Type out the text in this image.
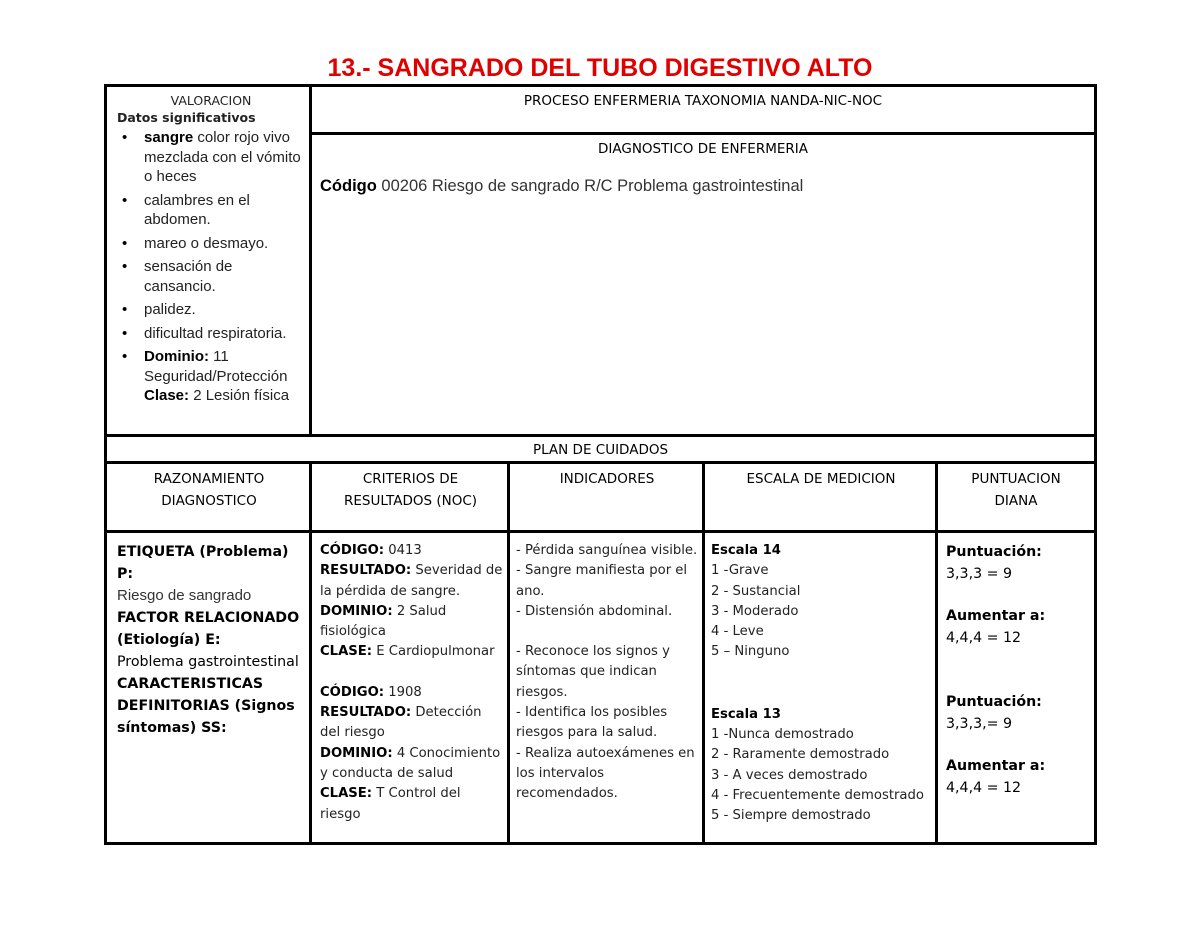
13.- SANGRADO DEL TUBO DIGESTIVO ALTO
VALORACION
Datos significativos
• sangre color rojo vivo mezclada con el vómito o heces
• calambres en el abdomen.
• mareo o desmayo.
• sensación de cansancio.
• palidez.
• dificultad respiratoria.
• Dominio: 11 Seguridad/Protección
Clase: 2 Lesión física
PROCESO ENFERMERIA TAXONOMIA NANDA-NIC-NOC
DIAGNOSTICO DE ENFERMERIA
Código 00206 Riesgo de sangrado R/C Problema gastrointestinal
PLAN DE CUIDADOS
RAZONAMIENTO DIAGNOSTICO
CRITERIOS DE RESULTADOS (NOC)
INDICADORES	ESCALA DE MEDICION	PUNTUACION DIANA
ETIQUETA (Problema) P:
Riesgo de sangrado
FACTOR RELACIONADO (Etiología) E:
Problema gastrointestinal
CARACTERISTICAS DEFINITORIAS (Signos síntomas) SS:
CÓDIGO: 0413
RESULTADO: Severidad de la pérdida de sangre.
DOMINIO: 2 Salud fisiológica
CLASE: E Cardiopulmonar
CÓDIGO: 1908
RESULTADO: Detección del riesgo
DOMINIO: 4 Conocimiento y conducta de salud
CLASE: T Control del riesgo
- Pérdida sanguínea visible.
- Sangre manifiesta por el ano.
- Distensión abdominal.
- Reconoce los signos y síntomas que indican riesgos.
- Identifica los posibles riesgos para la salud.
- Realiza autoexámenes en los intervalos recomendados.
Escala 14
1 -Grave
2 - Sustancial
3 - Moderado
4 - Leve
5 – Ninguno
Escala 13
1 -Nunca demostrado
2 - Raramente demostrado
3 - A veces demostrado
4 - Frecuentemente demostrado
5 - Siempre demostrado
Puntuación:
3,3,3 = 9
Aumentar a:
4,4,4 = 12
Puntuación:
3,3,3,= 9
Aumentar a:
4,4,4 = 12
